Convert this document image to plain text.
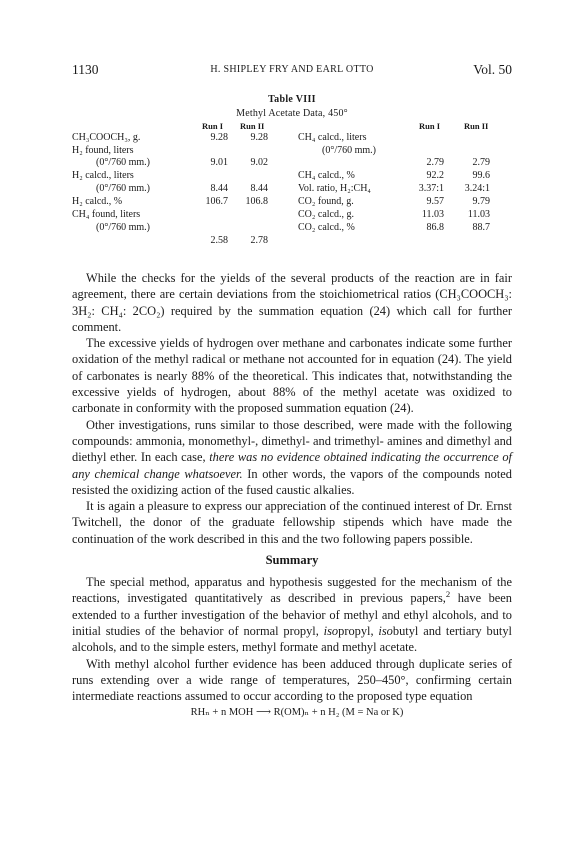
1130	H. SHIPLEY FRY AND EARL OTTO	Vol. 50
Table VIII
Methyl Acetate Data, 450°
Run I Run II	Run I	Run II
CH₃COOCH₃, g.	9.28	9.28
H₂ found, liters
(0°/760 mm.)	9.01	9.02
H₂ calcd., liters
(0°/760 mm.)	8.44	8.44
H₂ calcd., %	106.7	106.8
CH₄ found, liters
(0°/760 mm.)
2.58	2.78
CH₄ calcd., liters
(0°/760 mm.)
2.79	2.79
CH₄ calcd., %	92.2	99.6
Vol. ratio, H₂:CH₄	3.37:1	3.24:1
CO₂ found, g.	9.57	9.79
CO₂ calcd., g.	11.03	11.03
CO₂ calcd., %	86.8	88.7

While the checks for the yields of the several products of the reaction are in fair agreement, there are certain deviations from the stoichiometrical ratios (CH₃COOCH₃: 3H₂: CH₄: 2CO₂) required by the summation equation (24) which call for further comment.

The excessive yields of hydrogen over methane and carbonates indicate some further oxidation of the methyl radical or methane not accounted for in equation (24). The yield of carbonates is nearly 88% of the theoretical. This indicates that, notwithstanding the excessive yields of hydrogen, about 88% of the methyl acetate was oxidized to carbonate in conformity with the proposed summation equation (24).

Other investigations, runs similar to those described, were made with the following compounds: ammonia, monomethyl-, dimethyl- and trimethyl- amines and dimethyl and diethyl ether. In each case, there was no evidence obtained indicating the occurrence of any chemical change whatsoever. In other words, the vapors of the compounds noted resisted the oxidizing action of the fused caustic alkalies.

It is again a pleasure to express our appreciation of the continued interest of Dr. Ernst Twitchell, the donor of the graduate fellowship stipends which have made the continuation of the work described in this and the two following papers possible.

Summary

The special method, apparatus and hypothesis suggested for the mechanism of the reactions, investigated quantitatively as described in previous papers,$^2$ have been extended to a further investigation of the behavior of methyl and ethyl alcohols, and to initial studies of the behavior of normal propyl, isopropyl, isobutyl and tertiary butyl alcohols, and to the simple esters, methyl formate and methyl acetate.

With methyl alcohol further evidence has been adduced through duplicate series of runs extending over a wide range of temperatures, 250–450°, confirming certain intermediate reactions assumed to occur according to the proposed type equation

RHₙ + n MOH ⟶ R(OM)ₙ + n H₂ (M = Na or K)
